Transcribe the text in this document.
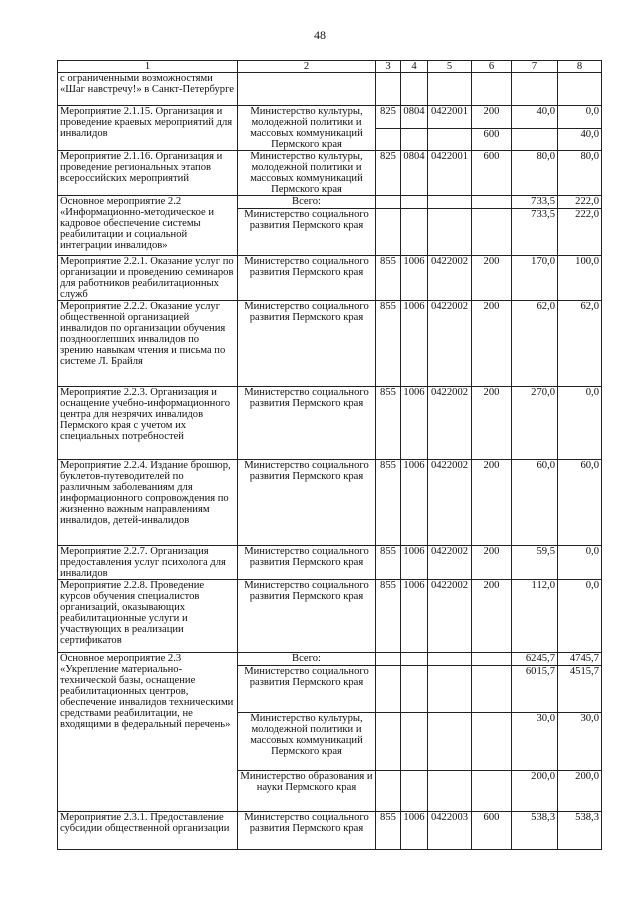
48
1	2	3	4	5	6	7	8
с ограниченными возможностями «Шаг навстречу!» в Санкт-Петербурге							
Мероприятие 2.1.15. Организация и проведение краевых мероприятий для инвалидов	Министерство культуры, молодежной политики и массовых коммуникаций Пермского края	825	0804	0422001	200	40,0	0,0
					600		40,0
Мероприятие 2.1.16. Организация и проведение региональных этапов всероссийских мероприятий	Министерство культуры, молодежной политики и массовых коммуникаций Пермского края	825	0804	0422001	600	80,0	80,0
Основное мероприятие 2.2 «Информационно-методическое и кадровое обеспечение системы реабилитации и социальной интеграции инвалидов»	Всего:					733,5	222,0
	Министерство социального развития Пермского края					733,5	222,0
Мероприятие 2.2.1. Оказание услуг по организации и проведению семинаров для работников реабилитационных служб	Министерство социального развития Пермского края	855	1006	0422002	200	170,0	100,0
Мероприятие 2.2.2. Оказание услуг общественной организацией инвалидов по организации обучения позднооглепших инвалидов по зрению навыкам чтения и письма по системе Л. Брайля	Министерство социального развития Пермского края	855	1006	0422002	200	62,0	62,0
Мероприятие 2.2.3. Организация и оснащение учебно-информационного центра для незрячих инвалидов Пермского края с учетом их специальных потребностей	Министерство социального развития Пермского края	855	1006	0422002	200	270,0	0,0
Мероприятие 2.2.4. Издание брошюр, буклетов-путеводителей по различным заболеваниям для информационного сопровождения по жизненно важным направлениям инвалидов, детей-инвалидов	Министерство социального развития Пермского края	855	1006	0422002	200	60,0	60,0
Мероприятие 2.2.7. Организация предоставления услуг психолога для инвалидов	Министерство социального развития Пермского края	855	1006	0422002	200	59,5	0,0
Мероприятие 2.2.8. Проведение курсов обучения специалистов организаций, оказывающих реабилитационные услуги и участвующих в реализации сертификатов	Министерство социального развития Пермского края	855	1006	0422002	200	112,0	0,0
Основное мероприятие 2.3 «Укрепление материально-технической базы, оснащение реабилитационных центров, обеспечение инвалидов техническими средствами реабилитации, не входящими в федеральный перечень»	Всего:					6245,7	4745,7
	Министерство социального развития Пермского края					6015,7	4515,7
	Министерство культуры, молодежной политики и массовых коммуникаций Пермского края					30,0	30,0
	Министерство образования и науки Пермского края					200,0	200,0
Мероприятие 2.3.1. Предоставление субсидии общественной организации	Министерство социального развития Пермского края	855	1006	0422003	600	538,3	538,3
